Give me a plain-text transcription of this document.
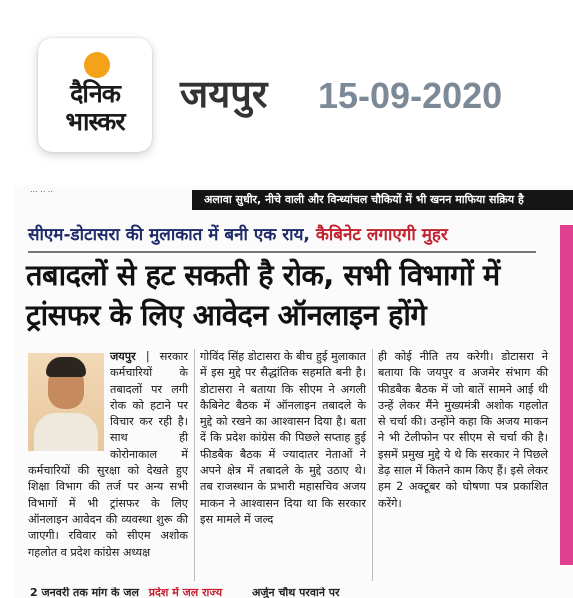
दैनिक
भास्कर
जयपुर 15-09-2020
... .. ..
अलावा सुधीर, नीचे वाली और विन्ध्यांचल चौकियों में भी खनन माफिया सक्रिय है
सीएम-डोटासरा की मुलाकात में बनी एक राय, कैबिनेट लगाएगी मुहर
तबादलों से हट सकती है रोक, सभी विभागों में ट्रांसफर के लिए आवेदन ऑनलाइन होंगे
जयपुर | सरकार कर्मचारियों के तबादलों पर लगी रोक को हटाने पर विचार कर रही है। साथ ही कोरोनाकाल में कर्मचारियों की सुरक्षा को देखते हुए शिक्षा विभाग की तर्ज पर अन्य सभी विभागों में भी ट्रांसफर के लिए ऑनलाइन आवेदन की व्यवस्था शुरू की जाएगी। रविवार को सीएम अशोक गहलोत व प्रदेश कांग्रेस अध्यक्ष
गोविंद सिंह डोटासरा के बीच हुई मुलाकात में इस मुद्दे पर सैद्धांतिक सहमति बनी है। डोटासरा ने बताया कि सीएम ने अगली कैबिनेट बैठक में ऑनलाइन तबादले के मुद्दे को रखने का आश्वासन दिया है। बता दें कि प्रदेश कांग्रेस की पिछले सप्ताह हुई फीडबैक बैठक में ज्यादातर नेताओं ने अपने क्षेत्र में तबादले के मुद्दे उठाए थे। तब राजस्थान के प्रभारी महासचिव अजय माकन ने आश्वासन दिया था कि सरकार इस मामले में जल्द
ही कोई नीति तय करेगी। डोटासरा ने बताया कि जयपुर व अजमेर संभाग की फीडबैक बैठक में जो बातें सामने आई थी उन्हें लेकर मैंने मुख्यमंत्री अशोक गहलोत से चर्चा की। उन्होंने कहा कि अजय माकन ने भी टेलीफोन पर सीएम से चर्चा की है। इसमें प्रमुख मुद्दे ये थे कि सरकार ने पिछले डेढ़ साल में कितने काम किए हैं। इसे लेकर हम 2 अक्टूबर को घोषणा पत्र प्रकाशित करेंगे।
2 जनवरी तक मांग के जल प्रदेश में जल राज्य	अर्जुन चौथ परवाने पर
